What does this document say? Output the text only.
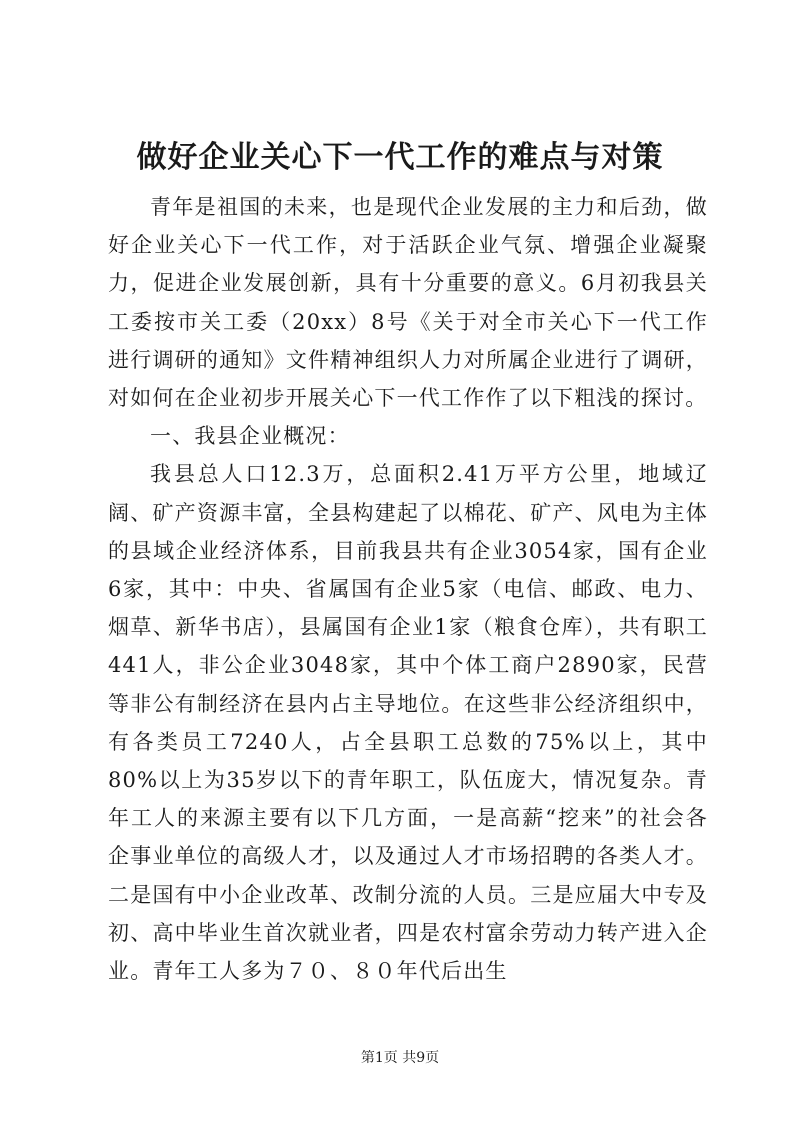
做好企业关心下一代工作的难点与对策

青年是祖国的未来，也是现代企业发展的主力和后劲，做好企业关心下一代工作，对于活跃企业气氛、增强企业凝聚力，促进企业发展创新，具有十分重要的意义。6月初我县关工委按市关工委（20xx）8号《关于对全市关心下一代工作进行调研的通知》文件精神组织人力对所属企业进行了调研，对如何在企业初步开展关心下一代工作作了以下粗浅的探讨。

一、我县企业概况：

我县总人口12.3万，总面积2.41万平方公里，地域辽阔、矿产资源丰富，全县构建起了以棉花、矿产、风电为主体的县域企业经济体系，目前我县共有企业3054家，国有企业6家，其中：中央、省属国有企业5家（电信、邮政、电力、烟草、新华书店），县属国有企业1家（粮食仓库），共有职工441人，非公企业3048家，其中个体工商户2890家，民营等非公有制经济在县内占主导地位。在这些非公经济组织中，有各类员工7240人，占全县职工总数的75%以上，其中80%以上为35岁以下的青年职工，队伍庞大，情况复杂。青年工人的来源主要有以下几方面，一是高薪“挖来”的社会各企事业单位的高级人才，以及通过人才市场招聘的各类人才。二是国有中小企业改革、改制分流的人员。三是应届大中专及初、高中毕业生首次就业者，四是农村富余劳动力转产进入企业。青年工人多为７０、８０年代后出生

第1页 共9页
